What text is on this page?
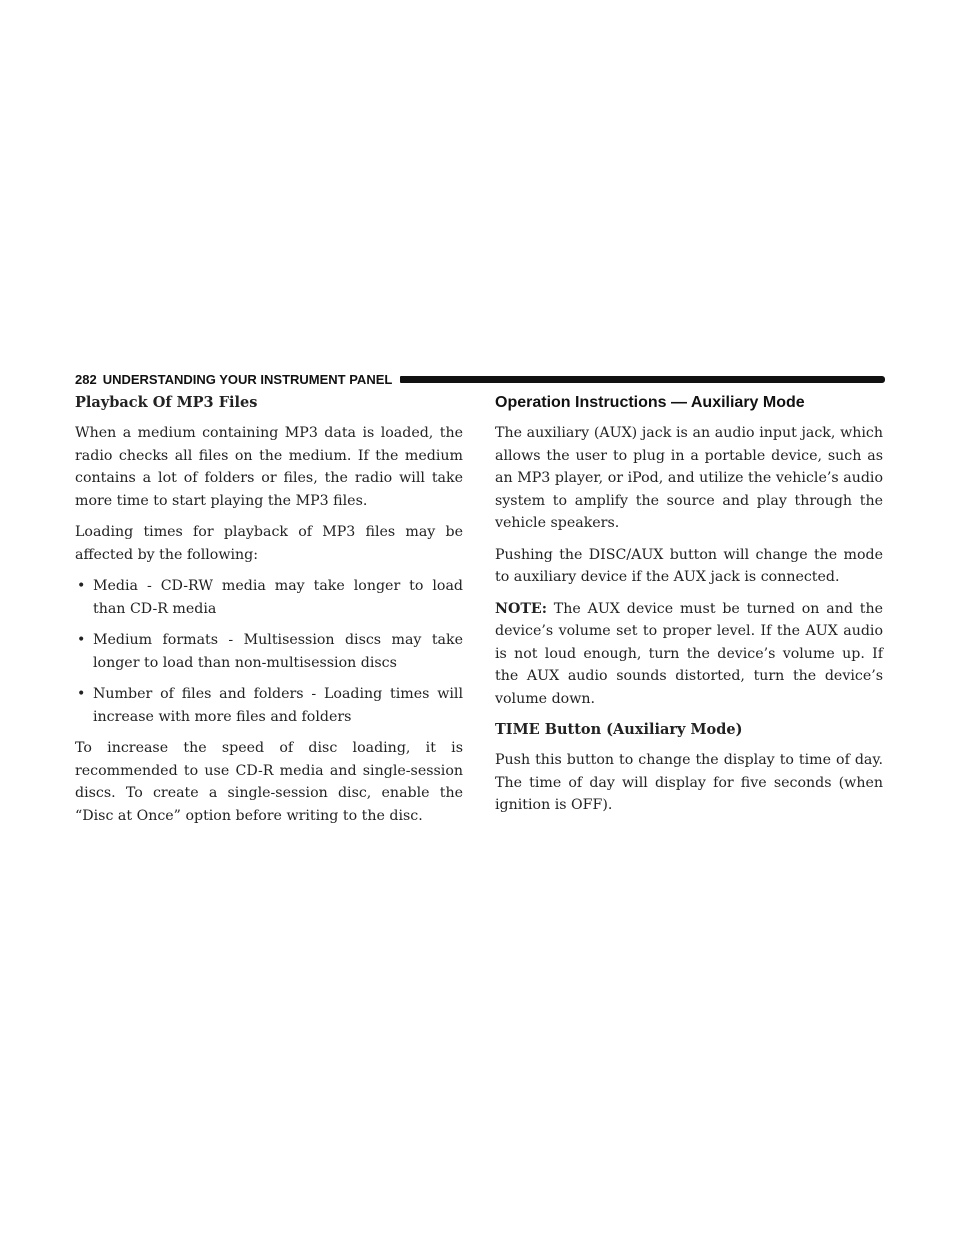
282 UNDERSTANDING YOUR INSTRUMENT PANEL
Playback Of MP3 Files

When a medium containing MP3 data is loaded, the radio checks all files on the medium. If the medium contains a lot of folders or files, the radio will take more time to start playing the MP3 files.

Loading times for playback of MP3 files may be affected by the following:

• Media - CD-RW media may take longer to load than CD-R media
• Medium formats - Multisession discs may take longer to load than non-multisession discs
• Number of files and folders - Loading times will increase with more files and folders

To increase the speed of disc loading, it is recommended to use CD-R media and single-session discs. To create a single-session disc, enable the “Disc at Once” option before writing to the disc.

Operation Instructions — Auxiliary Mode

The auxiliary (AUX) jack is an audio input jack, which allows the user to plug in a portable device, such as an MP3 player, or iPod, and utilize the vehicle’s audio system to amplify the source and play through the vehicle speakers.

Pushing the DISC/AUX button will change the mode to auxiliary device if the AUX jack is connected.

NOTE: The AUX device must be turned on and the device’s volume set to proper level. If the AUX audio is not loud enough, turn the device’s volume up. If the AUX audio sounds distorted, turn the device’s volume down.

TIME Button (Auxiliary Mode)

Push this button to change the display to time of day. The time of day will display for five seconds (when ignition is OFF).
